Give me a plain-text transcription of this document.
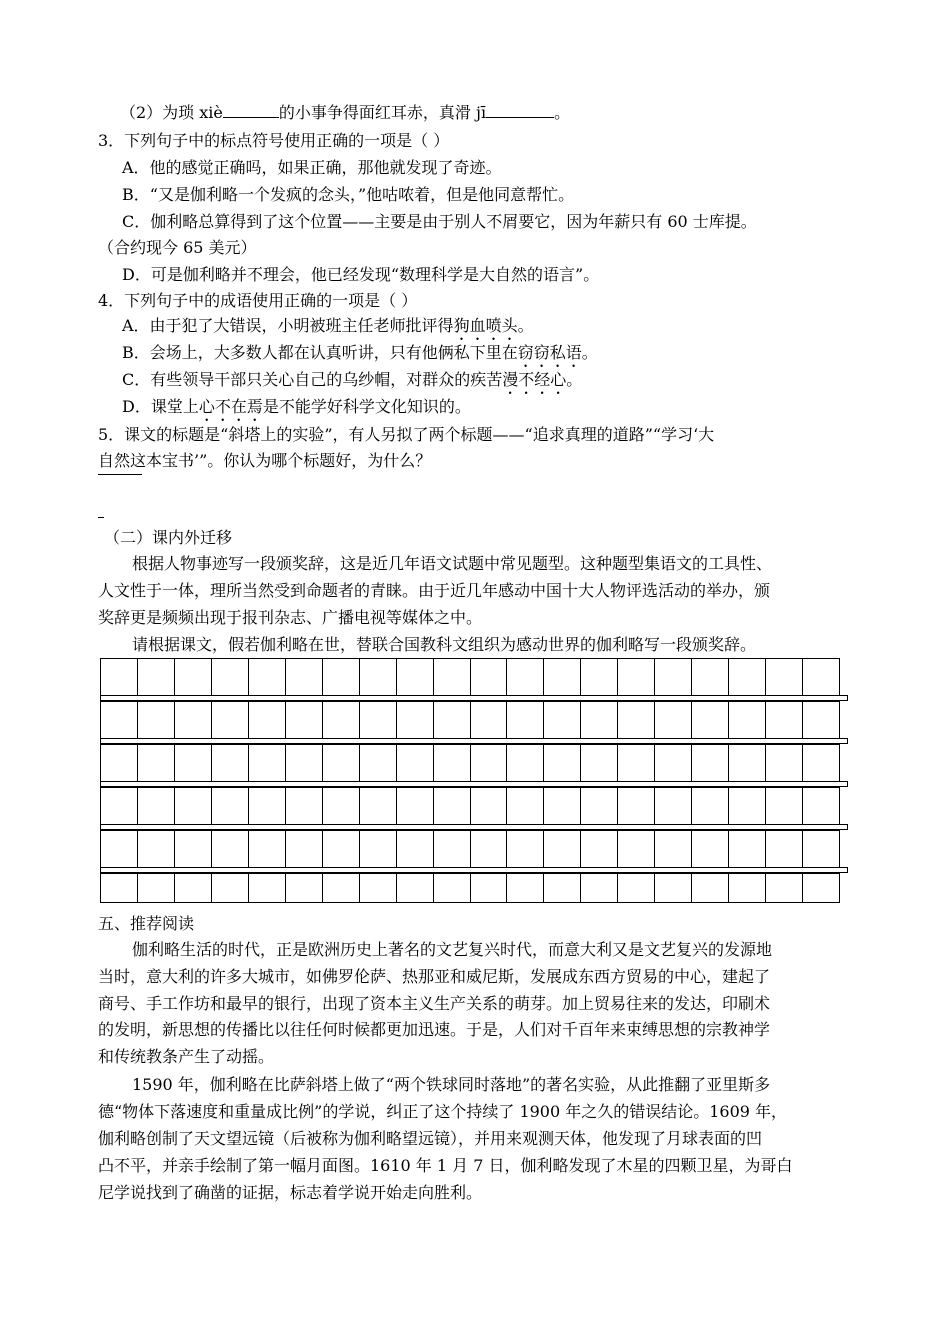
（2）为琐 xiè	的小事争得面红耳赤，真滑 jī	。
3．下列句子中的标点符号使用正确的一项是（ ）
A．他的感觉正确吗，如果正确，那他就发现了奇迹。
B．“又是伽利略一个发疯的念头，”他咕哝着，但是他同意帮忙。
C．伽利略总算得到了这个位置——主要是由于别人不屑要它，因为年薪只有 60 士库提。
（合约现今 65 美元）
D．可是伽利略并不理会，他已经发现“数理科学是大自然的语言”。
4．下列句子中的成语使用正确的一项是（ ）
A．由于犯了大错误，小明被班主任老师批评得狗血喷头。
B．会场上，大多数人都在认真听讲，只有他俩私下里在窃窃私语。
C．有些领导干部只关心自己的乌纱帽，对群众的疾苦漫不经心。
D．课堂上心不在焉是不能学好科学文化知识的。
5．课文的标题是“斜塔上的实验”，有人另拟了两个标题——“追求真理的道路”“学习‘大
自然这本宝书’”。你认为哪个标题好，为什么？
（二）课内外迁移
根据人物事迹写一段颁奖辞，这是近几年语文试题中常见题型。这种题型集语文的工具性、
人文性于一体，理所当然受到命题者的青睐。由于近几年感动中国十大人物评选活动的举办，颁
奖辞更是频频出现于报刊杂志、广播电视等媒体之中。
请根据课文，假若伽利略在世，替联合国教科文组织为感动世界的伽利略写一段颁奖辞。
五、推荐阅读
伽利略生活的时代，正是欧洲历史上著名的文艺复兴时代，而意大利又是文艺复兴的发源地
当时，意大利的许多大城市，如佛罗伦萨、热那亚和威尼斯，发展成东西方贸易的中心，建起了
商号、手工作坊和最早的银行，出现了资本主义生产关系的萌芽。加上贸易往来的发达，印刷术
的发明，新思想的传播比以往任何时候都更加迅速。于是，人们对千百年来束缚思想的宗教神学
和传统教条产生了动摇。
1590 年，伽利略在比萨斜塔上做了“两个铁球同时落地”的著名实验，从此推翻了亚里斯多
德“物体下落速度和重量成比例”的学说，纠正了这个持续了 1900 年之久的错误结论。1609 年，
伽利略创制了天文望远镜（后被称为伽利略望远镜），并用来观测天体，他发现了月球表面的凹
凸不平，并亲手绘制了第一幅月面图。1610 年 1 月 7 日，伽利略发现了木星的四颗卫星，为哥白
尼学说找到了确凿的证据，标志着学说开始走向胜利。
